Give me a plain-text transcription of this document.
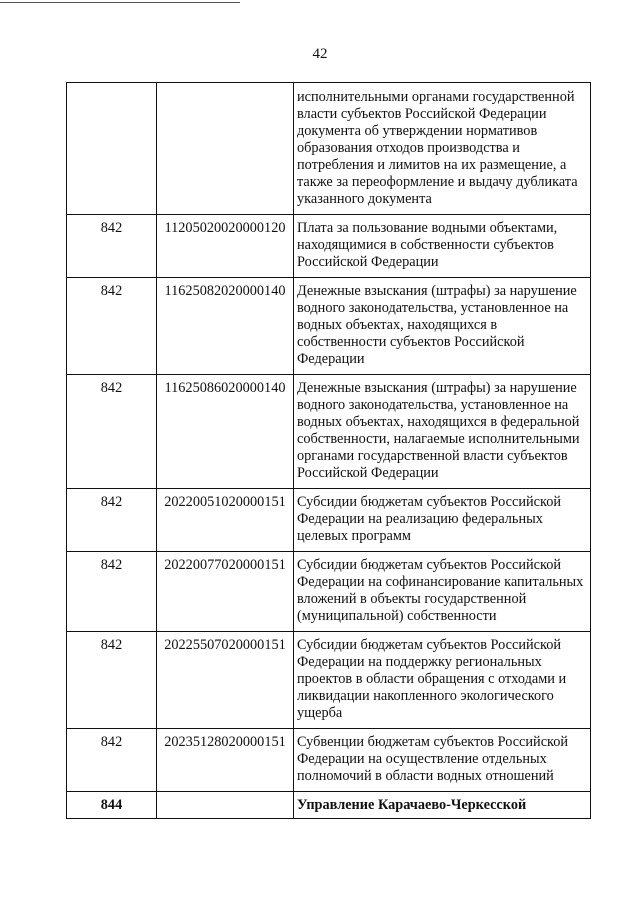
42
		исполнительными органами государственной власти субъектов Российской Федерации документа об утверждении нормативов образования отходов производства и потребления и лимитов на их размещение, а также за переоформление и выдачу дубликата указанного документа
842	11205020020000120	Плата за пользование водными объектами, находящимися в собственности субъектов Российской Федерации
842	11625082020000140	Денежные взыскания (штрафы) за нарушение водного законодательства, установленное на водных объектах, находящихся в собственности субъектов Российской Федерации
842	11625086020000140	Денежные взыскания (штрафы) за нарушение водного законодательства, установленное на водных объектах, находящихся в федеральной собственности, налагаемые исполнительными органами государственной власти субъектов Российской Федерации
842	20220051020000151	Субсидии бюджетам субъектов Российской Федерации на реализацию федеральных целевых программ
842	20220077020000151	Субсидии бюджетам субъектов Российской Федерации на софинансирование капитальных вложений в объекты государственной (муниципальной) собственности
842	20225507020000151	Субсидии бюджетам субъектов Российской Федерации на поддержку региональных проектов в области обращения с отходами и ликвидации накопленного экологического ущерба
842	20235128020000151	Субвенции бюджетам субъектов Российской Федерации на осуществление отдельных полномочий в области водных отношений
844		Управление Карачаево-Черкесской
